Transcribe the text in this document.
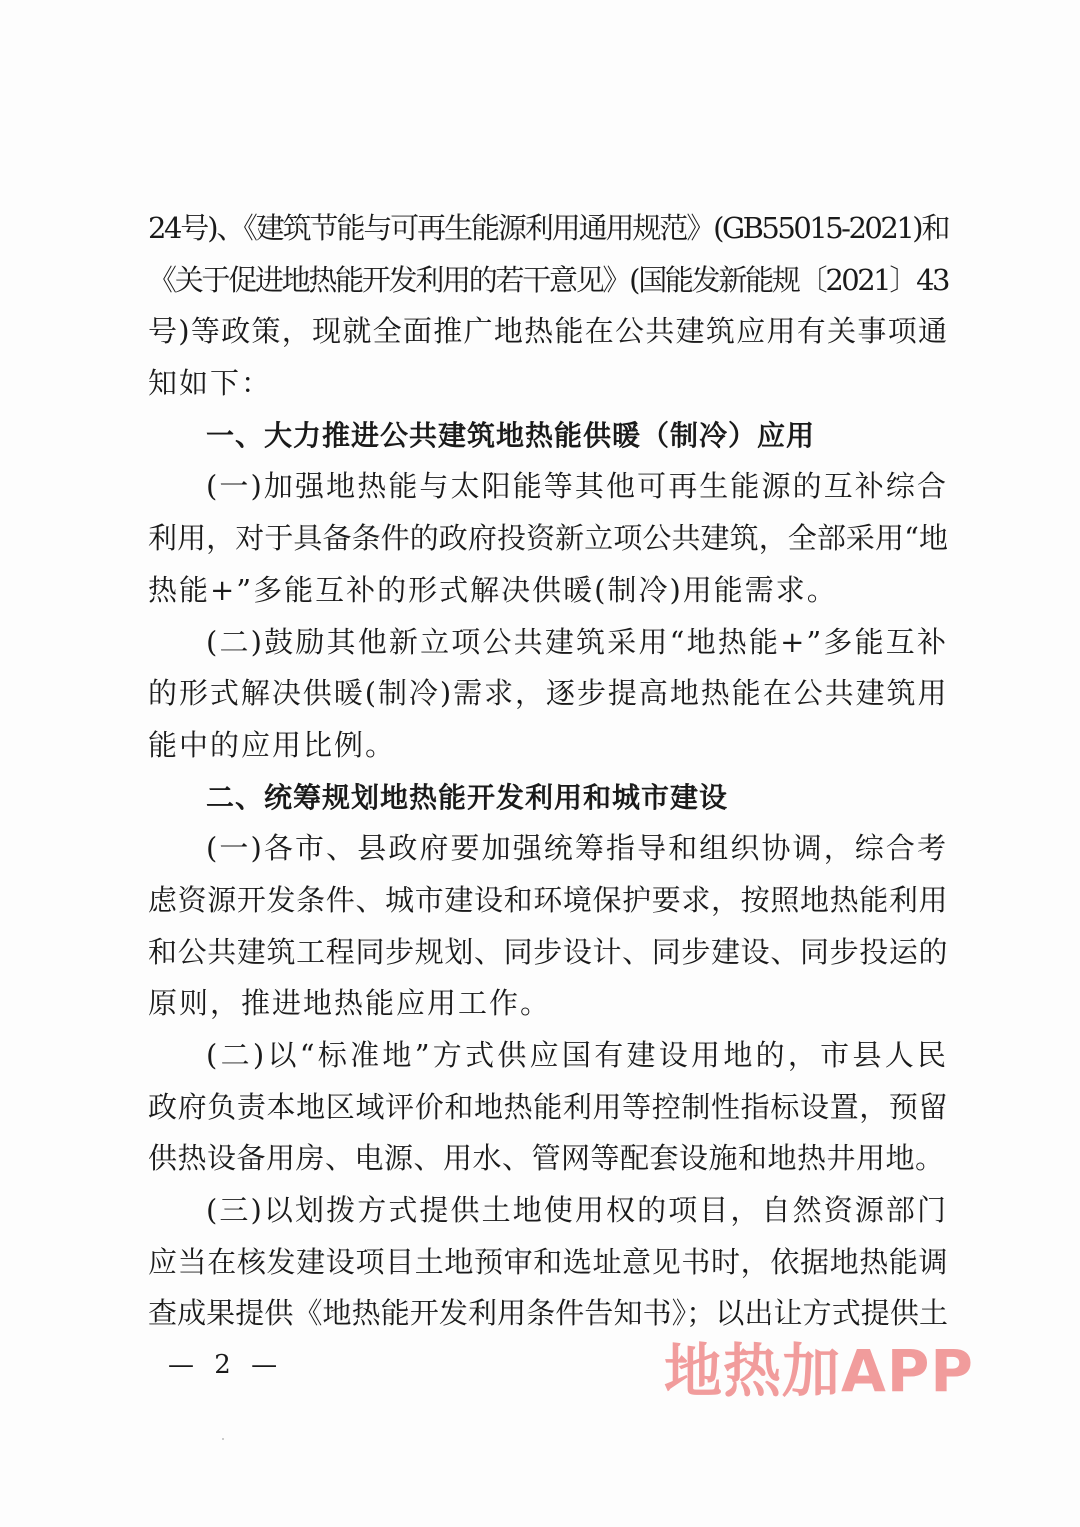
24号)、《建筑节能与可再生能源利用通用规范》(GB55015-2021)和
《关于促进地热能开发利用的若干意见》(国能发新能规〔2021〕43
号)等政策，现就全面推广地热能在公共建筑应用有关事项通
知如下：
一、大力推进公共建筑地热能供暖（制冷）应用
(一)加强地热能与太阳能等其他可再生能源的互补综合
利用，对于具备条件的政府投资新立项公共建筑，全部采用“地
热能+”多能互补的形式解决供暖(制冷)用能需求。
(二)鼓励其他新立项公共建筑采用“地热能+”多能互补
的形式解决供暖(制冷)需求，逐步提高地热能在公共建筑用
能中的应用比例。
二、统筹规划地热能开发利用和城市建设
(一)各市、县政府要加强统筹指导和组织协调，综合考
虑资源开发条件、城市建设和环境保护要求，按照地热能利用
和公共建筑工程同步规划、同步设计、同步建设、同步投运的
原则，推进地热能应用工作。
(二)以“标准地”方式供应国有建设用地的，市县人民
政府负责本地区域评价和地热能利用等控制性指标设置，预留
供热设备用房、电源、用水、管网等配套设施和地热井用地。
(三)以划拨方式提供土地使用权的项目，自然资源部门
应当在核发建设项目土地预审和选址意见书时，依据地热能调
查成果提供《地热能开发利用条件告知书》；以出让方式提供土
— 2 —	地热加APP
